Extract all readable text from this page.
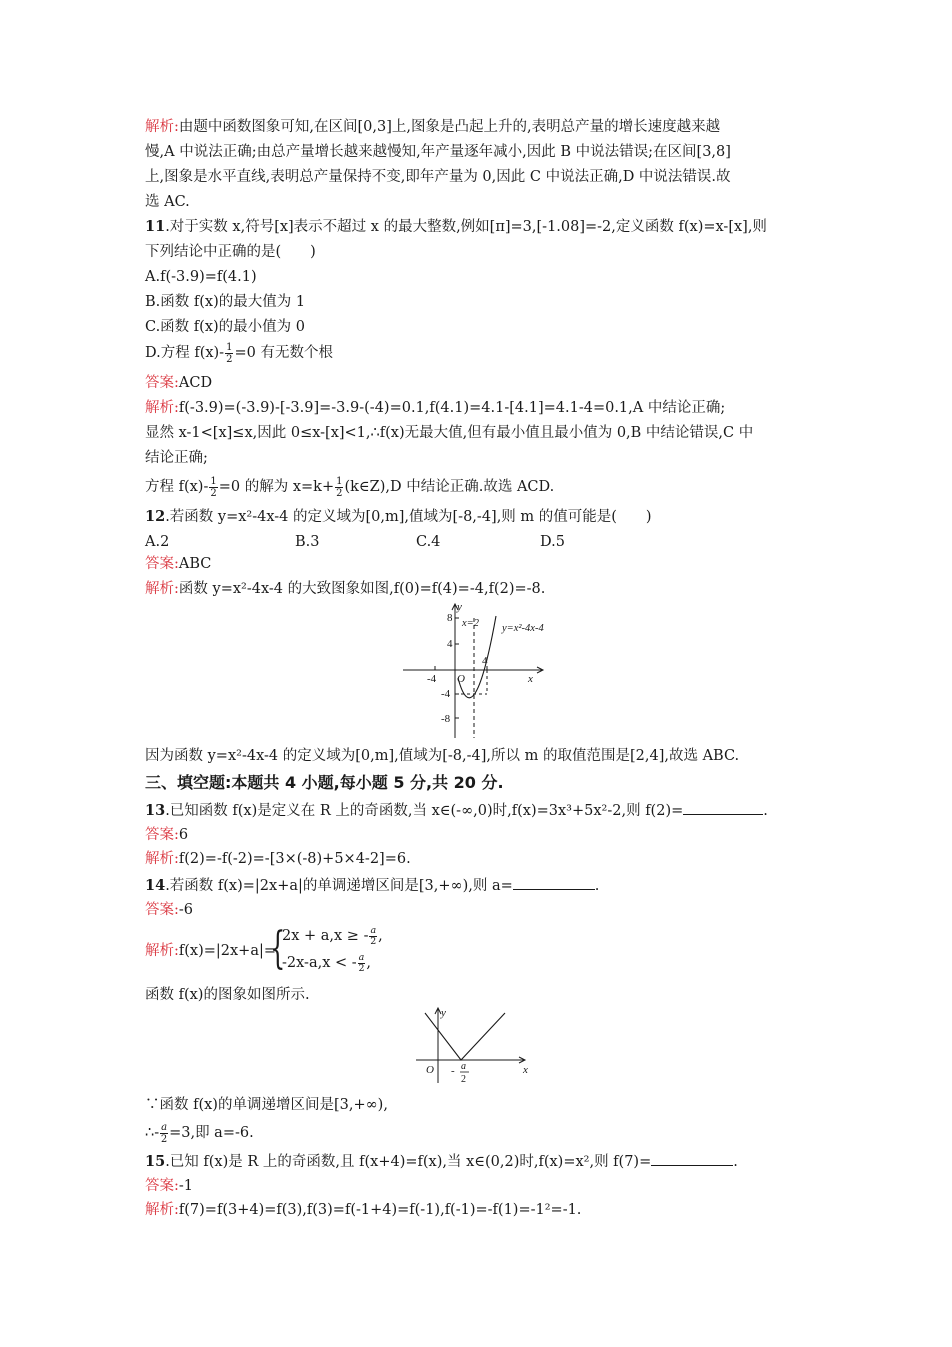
解析:由题中函数图象可知,在区间[0,3]上,图象是凸起上升的,表明总产量的增长速度越来越
慢,A 中说法正确;由总产量增长越来越慢知,年产量逐年减小,因此 B 中说法错误;在区间[3,8]
上,图象是水平直线,表明总产量保持不变,即年产量为 0,因此 C 中说法正确,D 中说法错误.故
选 AC.
11.对于实数 x,符号[x]表示不超过 x 的最大整数,例如[π]=3,[-1.08]=-2,定义函数 f(x)=x-[x],则
下列结论中正确的是(　　)
A.f(-3.9)=f(4.1)
B.函数 f(x)的最大值为 1
C.函数 f(x)的最小值为 0
D.方程 $f(x)- \frac{1}{2} =0$ 有无数个根
答案:ACD
解析:f(-3.9)=(-3.9)-[-3.9]=-3.9-(-4)=0.1,f(4.1)=4.1-[4.1]=4.1-4=0.1,A 中结论正确;
显然 x-1<[x]≤x,因此 0≤x-[x]<1,∴f(x)无最大值,但有最小值且最小值为 0,B 中结论错误,C 中
结论正确;
方程 $f(x)- \frac{1}{2} =0$ 的解为 $x=k+ \frac{1}{2}$ (k∈Z),D 中结论正确.故选 ACD.
12.若函数 y=x²-4x-4 的定义域为[0,m],值域为[-8,-4],则 m 的值可能是(　　)
A.2	B.3	C.4	D.5
答案:ABC
解析:函数 y=x²-4x-4 的大致图象如图,f(0)=f(4)=-4,f(2)=-8.
y
8
4
-4
-8
-4
4
O	x
x=2 y=x²-4x-4
因为函数 y=x²-4x-4 的定义域为[0,m],值域为[-8,-4],所以 m 的取值范围是[2,4],故选 ABC.
三、填空题:本题共 4 小题,每小题 5 分,共 20 分.
13.已知函数 f(x)是定义在 R 上的奇函数,当 x∈(-∞,0)时,f(x)=3x³+5x²-2,则 f(2)=	.
答案:6
解析:f(2)=-f(-2)=-[3×(-8)+5×4-2]=6.
14.若函数 f(x)=|2x+a|的单调递增区间是[3,+∞),则 a=	.
答案:-6
解析:f(x)=|2x+a|=
{
2x + a,x ≥ - $\frac{a}{2}$ ,
-2x-a,x < - $\frac{a}{2}$ ,
函数 f(x)的图象如图所示.
y
O	x
- a
2
∵函数 f(x)的单调递增区间是[3,+∞),
∴- $\frac{a}{2} =3$,即 a=-6.
15.已知 f(x)是 R 上的奇函数,且 f(x+4)=f(x),当 x∈(0,2)时,f(x)=x²,则 f(7)=	.
答案:-1
解析:f(7)=f(3+4)=f(3),f(3)=f(-1+4)=f(-1),f(-1)=-f(1)=-1²=-1.
